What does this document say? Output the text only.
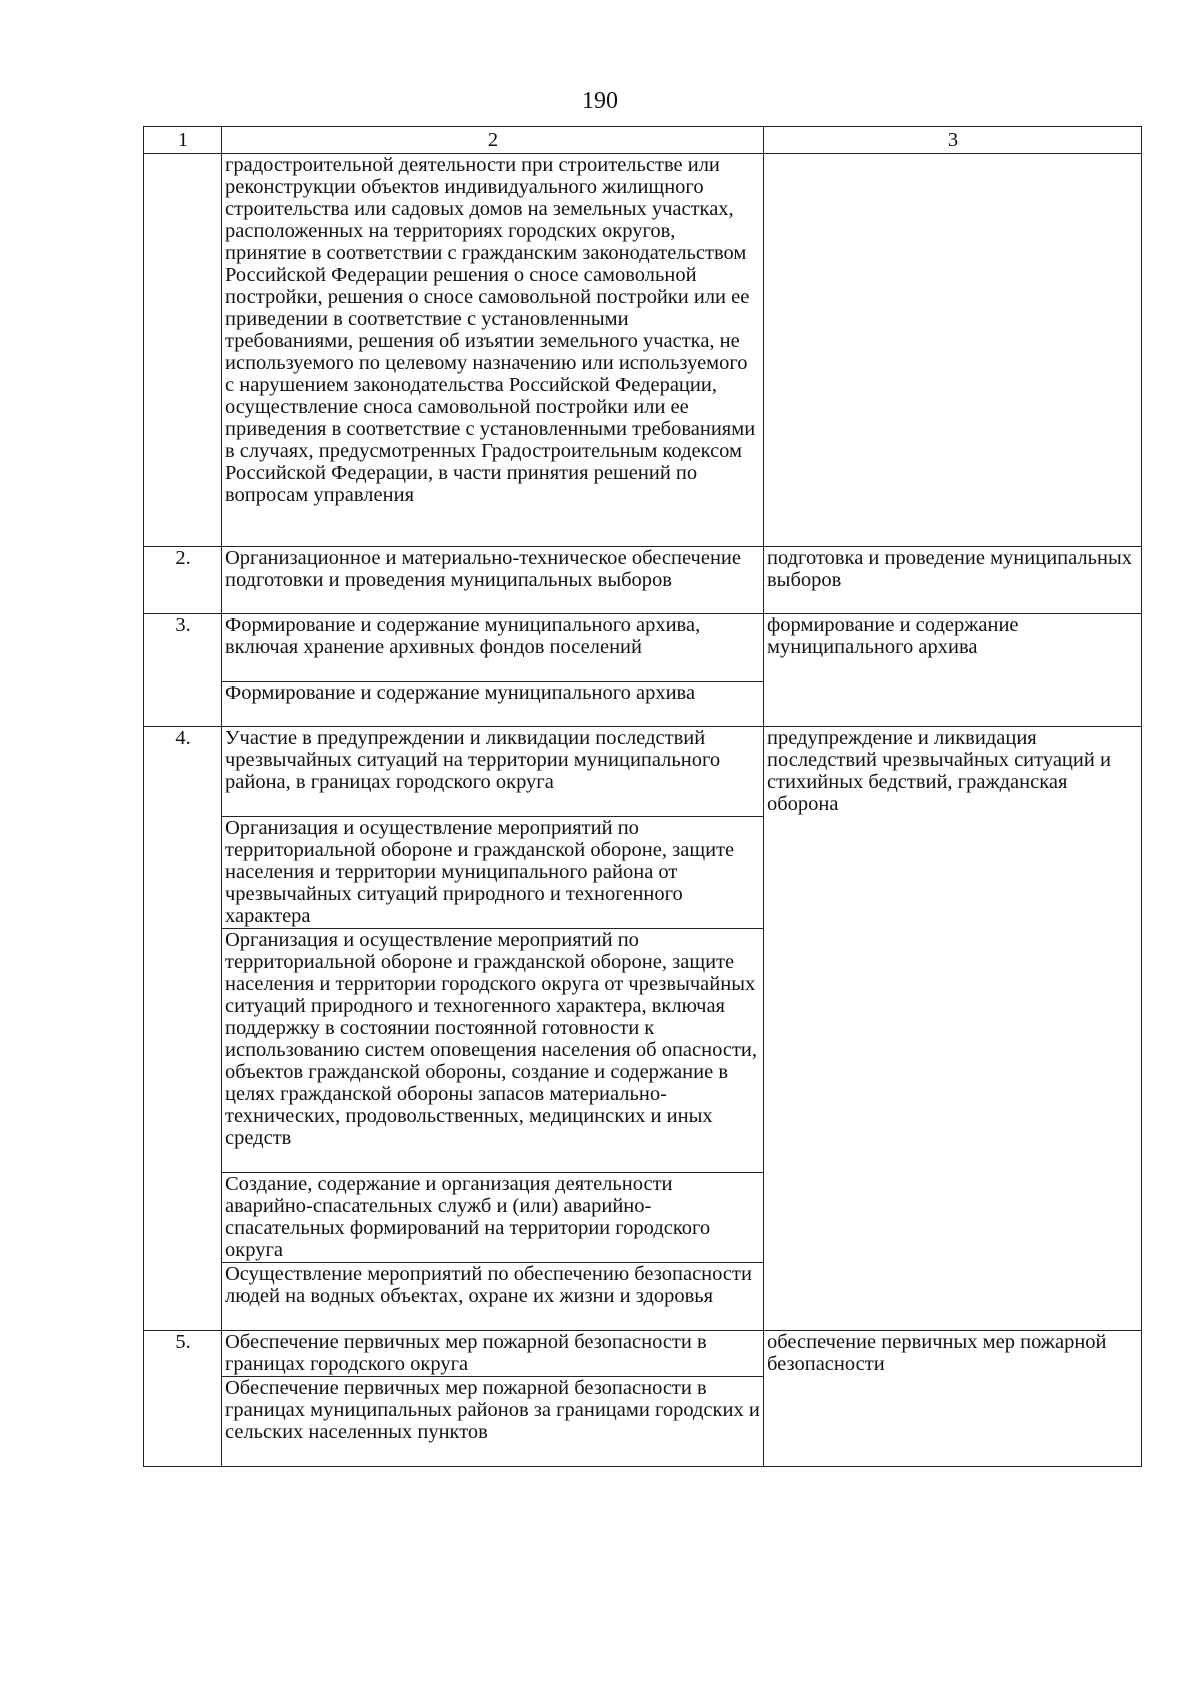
190
1	2	3
	градостроительной деятельности при строительстве или реконструкции объектов индивидуального жилищного строительства или садовых домов на земельных участках, расположенных на территориях городских округов, принятие в соответствии с гражданским законодательством Российской Федерации решения о сносе самовольной постройки, решения о сносе самовольной постройки или ее приведении в соответствие с установленными требованиями, решения об изъятии земельного участка, не используемого по целевому назначению или используемого с нарушением законодательства Российской Федерации, осуществление сноса самовольной постройки или ее приведения в соответствие с установленными требованиями в случаях, предусмотренных Градостроительным кодексом Российской Федерации, в части принятия решений по вопросам управления	
2.	Организационное и материально-техническое обеспечение подготовки и проведения муниципальных выборов	подготовка и проведение муниципальных выборов
3.	Формирование и содержание муниципального архива, включая хранение архивных фондов поселений	формирование и содержание муниципального архива
	Формирование и содержание муниципального архива	
4.	Участие в предупреждении и ликвидации последствий чрезвычайных ситуаций на территории муниципального района, в границах городского округа	предупреждение и ликвидация последствий чрезвычайных ситуаций и стихийных бедствий, гражданская оборона
	Организация и осуществление мероприятий по территориальной обороне и гражданской обороне, защите населения и территории муниципального района от чрезвычайных ситуаций природного и техногенного характера	
	Организация и осуществление мероприятий по территориальной обороне и гражданской обороне, защите населения и территории городского округа от чрезвычайных ситуаций природного и техногенного характера, включая поддержку в состоянии постоянной готовности к использованию систем оповещения населения об опасности, объектов гражданской обороны, создание и содержание в целях гражданской обороны запасов материально-технических, продовольственных, медицинских и иных средств	
	Создание, содержание и организация деятельности аварийно-спасательных служб и (или) аварийно-спасательных формирований на территории городского округа	
	Осуществление мероприятий по обеспечению безопасности людей на водных объектах, охране их жизни и здоровья	
5.	Обеспечение первичных мер пожарной безопасности в границах городского округа	обеспечение первичных мер пожарной безопасности
	Обеспечение первичных мер пожарной безопасности в границах муниципальных районов за границами городских и сельских населенных пунктов	
